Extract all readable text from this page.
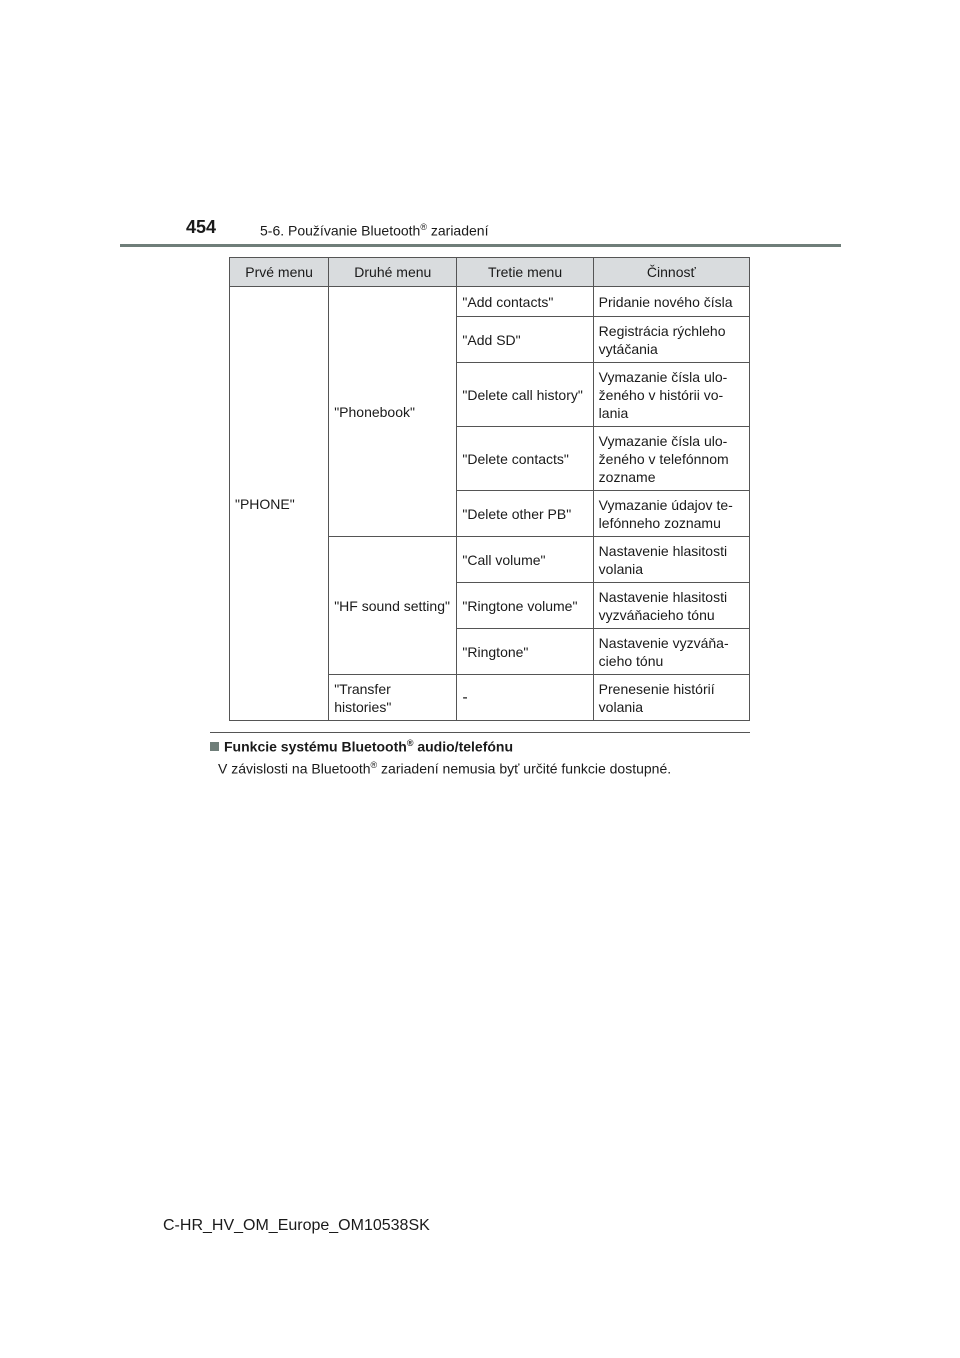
454	5-6. Používanie Bluetooth® zariadení
Prvé menu	Druhé menu	Tretie menu	Činnosť
"PHONE"	"Phonebook"	"Add contacts"	Pridanie nového čísla
		"Add SD"	Registrácia rýchleho vytáčania
		"Delete call history"	Vymazanie čísla uloženého v histórii volania
		"Delete contacts"	Vymazanie čísla uloženého v telefónnom zozname
		"Delete other PB"	Vymazanie údajov telefónneho zoznamu
	"HF sound setting"	"Call volume"	Nastavenie hlasitosti volania
		"Ringtone volume"	Nastavenie hlasitosti vyzváňacieho tónu
		"Ringtone"	Nastavenie vyzváňacieho tónu
	"Transfer histories"	-	Prenesenie histórií volania
Funkcie systému Bluetooth® audio/telefónu
V závislosti na Bluetooth® zariadení nemusia byť určité funkcie dostupné.
C-HR_HV_OM_Europe_OM10538SK
